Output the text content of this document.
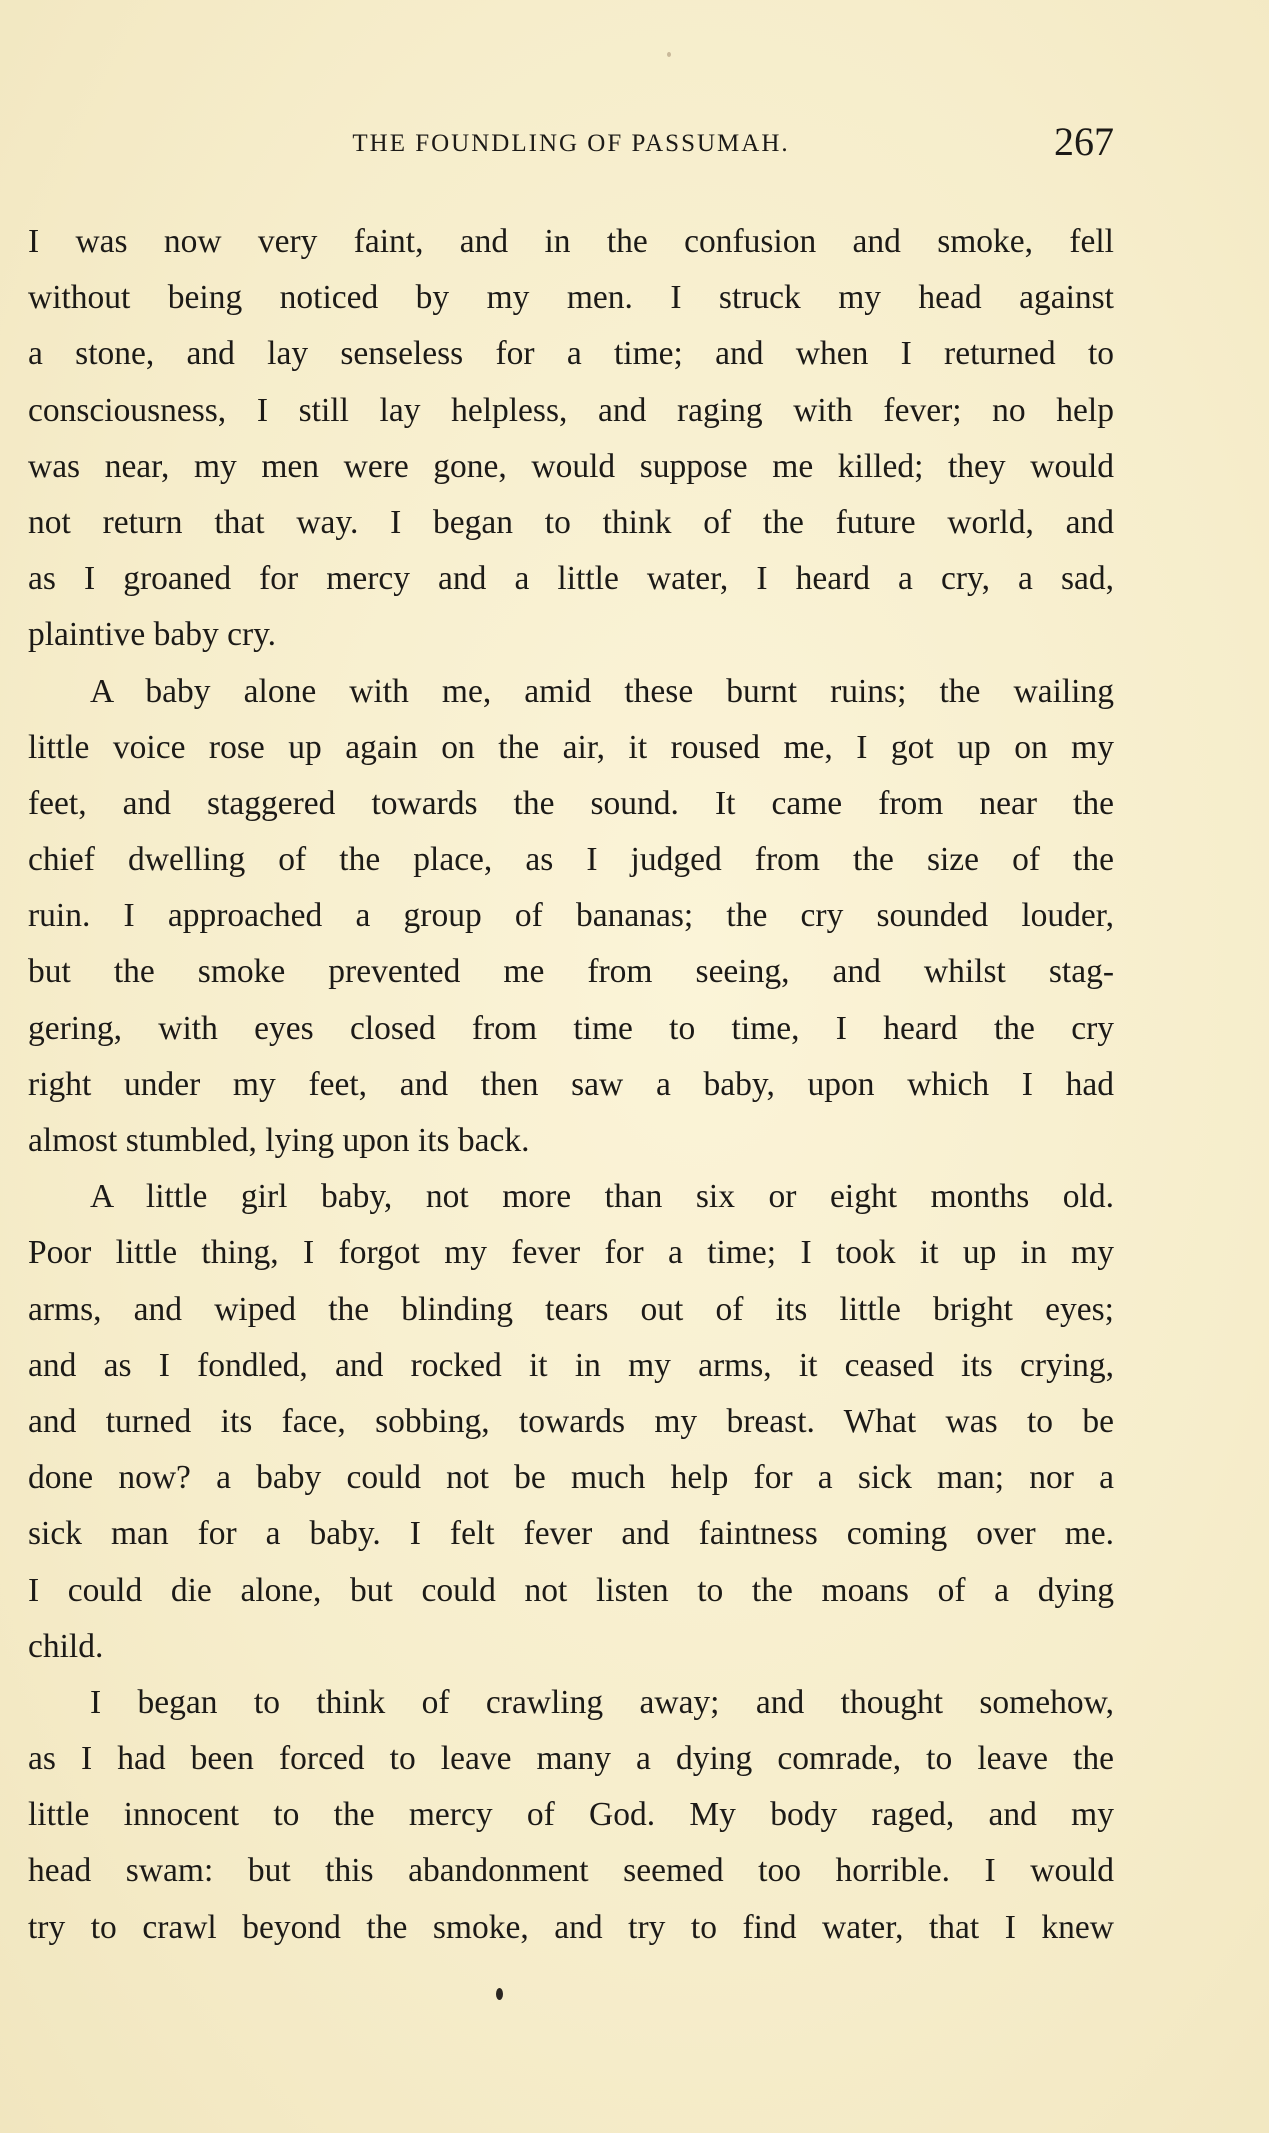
THE FOUNDLING OF PASSUMAH.	267
I was now very faint, and in the confusion and smoke, fell
without being noticed by my men. I struck my head against
a stone, and lay senseless for a time; and when I returned to
consciousness, I still lay helpless, and raging with fever; no help
was near, my men were gone, would suppose me killed; they would
not return that way. I began to think of the future world, and
as I groaned for mercy and a little water, I heard a cry, a sad,
plaintive baby cry.
A baby alone with me, amid these burnt ruins; the wailing
little voice rose up again on the air, it roused me, I got up on my
feet, and staggered towards the sound. It came from near the
chief dwelling of the place, as I judged from the size of the
ruin. I approached a group of bananas; the cry sounded louder,
but the smoke prevented me from seeing, and whilst stag-
gering, with eyes closed from time to time, I heard the cry
right under my feet, and then saw a baby, upon which I had
almost stumbled, lying upon its back.
A little girl baby, not more than six or eight months old.
Poor little thing, I forgot my fever for a time; I took it up in my
arms, and wiped the blinding tears out of its little bright eyes;
and as I fondled, and rocked it in my arms, it ceased its crying,
and turned its face, sobbing, towards my breast. What was to be
done now? a baby could not be much help for a sick man; nor a
sick man for a baby. I felt fever and faintness coming over me.
I could die alone, but could not listen to the moans of a dying
child.
I began to think of crawling away; and thought somehow,
as I had been forced to leave many a dying comrade, to leave the
little innocent to the mercy of God. My body raged, and my
head swam: but this abandonment seemed too horrible. I would
try to crawl beyond the smoke, and try to find water, that I knew
